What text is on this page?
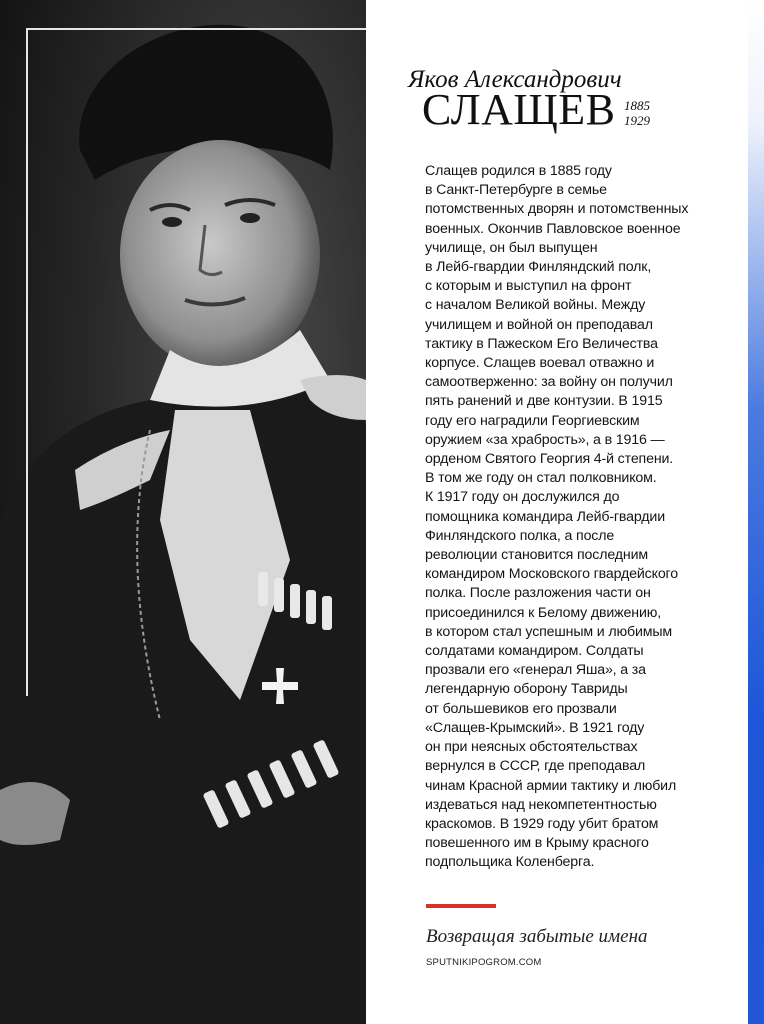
Яков Александрович
СЛАЩЕВ 1885
1929
Слащев родился в 1885 году
в Санкт-Петербурге в семье
потомственных дворян и потомственных
военных. Окончив Павловское военное
училище, он был выпущен
в Лейб-гвардии Финляндский полк,
с которым и выступил на фронт
с началом Великой войны. Между
училищем и войной он преподавал
тактику в Пажеском Его Величества
корпусе. Слащев воевал отважно и
самоотверженно: за войну он получил
пять ранений и две контузии. В 1915
году его наградили Георгиевским
оружием «за храбрость», а в 1916 —
орденом Святого Георгия 4-й степени.
В том же году он стал полковником.
К 1917 году он дослужился до
помощника командира Лейб-гвардии
Финляндского полка, а после
революции становится последним
командиром Московского гвардейского
полка. После разложения части он
присоединился к Белому движению,
в котором стал успешным и любимым
солдатами командиром. Солдаты
прозвали его «генерал Яша», а за
легендарную оборону Тавриды
от большевиков его прозвали
«Слащев-Крымский». В 1921 году
он при неясных обстоятельствах
вернулся в СССР, где преподавал
чинам Красной армии тактику и любил
издеваться над некомпетентностью
краскомов. В 1929 году убит братом
повешенного им в Крыму красного
подпольщика Коленберга.
Возвращая забытые имена
SPUTNIKIPOGROM.COM
